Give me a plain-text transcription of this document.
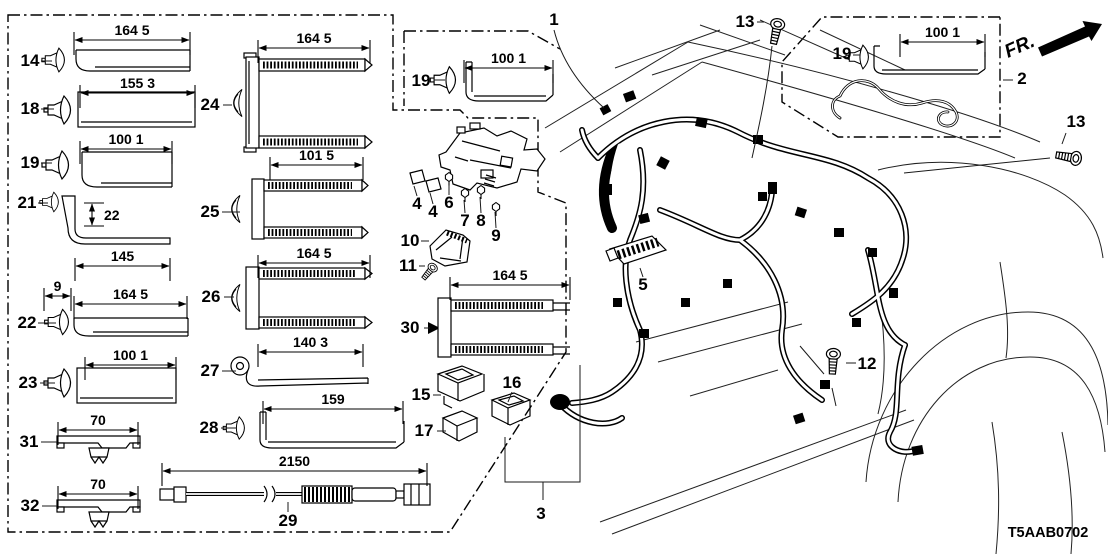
FR.
T5AAB0702
164 5
155 3
100 1
22
145
9	164 5
100 1
70
70
164 5
101 5
164 5
140 3
159
2150
164 5
100 1
100 1
1
2
3
4 4
5
6
7 8
9
10
11
12
13
13
14
15
16
17
18
19
19
19
21
22
23
24
25
26
27
28
29
30
31
32
